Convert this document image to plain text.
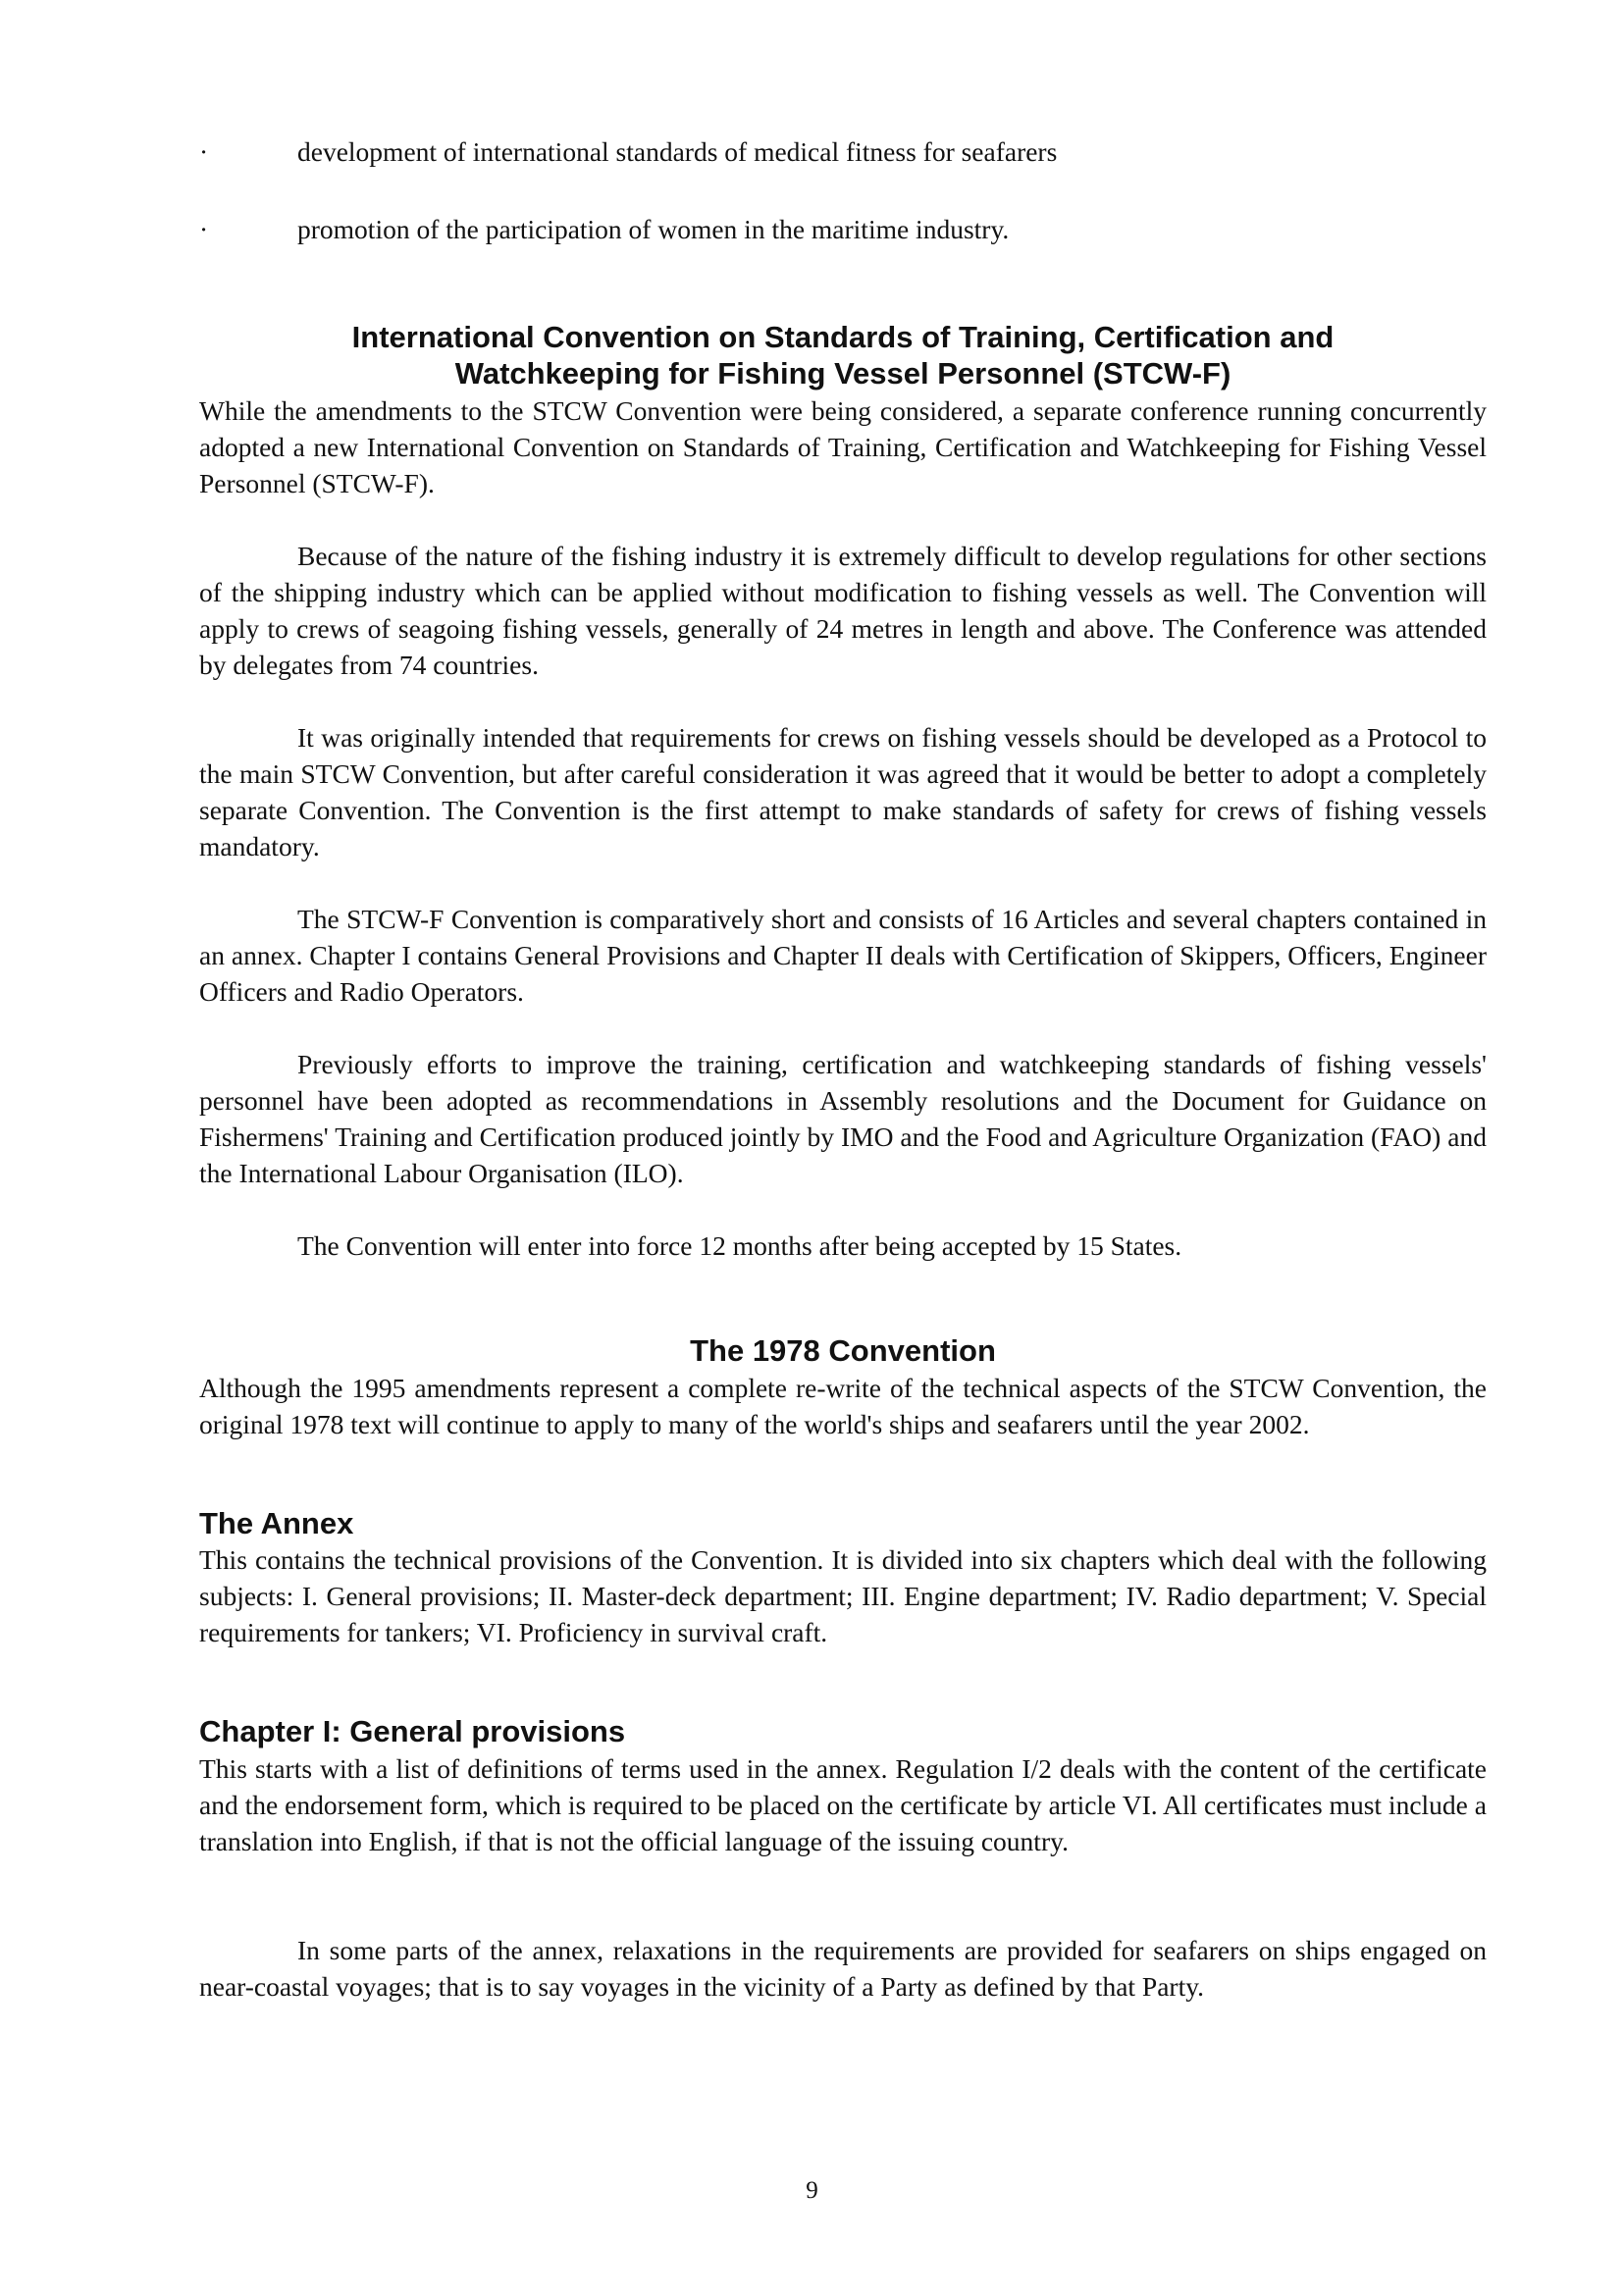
·	development of international standards of medical fitness for seafarers
·	promotion of the participation of women in the maritime industry.
International Convention on Standards of Training, Certification and
Watchkeeping for Fishing Vessel Personnel (STCW-F)

While the amendments to the STCW Convention were being considered, a separate conference running concurrently adopted a new International Convention on Standards of Training, Certification and Watchkeeping for Fishing Vessel Personnel (STCW-F).

Because of the nature of the fishing industry it is extremely difficult to develop regulations for other sections of the shipping industry which can be applied without modification to fishing vessels as well. The Convention will apply to crews of seagoing fishing vessels, generally of 24 metres in length and above. The Conference was attended by delegates from 74 countries.

It was originally intended that requirements for crews on fishing vessels should be developed as a Protocol to the main STCW Convention, but after careful consideration it was agreed that it would be better to adopt a completely separate Convention. The Convention is the first attempt to make standards of safety for crews of fishing vessels mandatory.

The STCW-F Convention is comparatively short and consists of 16 Articles and several chapters contained in an annex. Chapter I contains General Provisions and Chapter II deals with Certification of Skippers, Officers, Engineer Officers and Radio Operators.

Previously efforts to improve the training, certification and watchkeeping standards of fishing vessels' personnel have been adopted as recommendations in Assembly resolutions and the Document for Guidance on Fishermens' Training and Certification produced jointly by IMO and the Food and Agriculture Organization (FAO) and the International Labour Organisation (ILO).

The Convention will enter into force 12 months after being accepted by 15 States.

The 1978 Convention

Although the 1995 amendments represent a complete re-write of the technical aspects of the STCW Convention, the original 1978 text will continue to apply to many of the world's ships and seafarers until the year 2002.

The Annex

This contains the technical provisions of the Convention. It is divided into six chapters which deal with the following subjects: I. General provisions; II. Master-deck department; III. Engine department; IV. Radio department; V. Special requirements for tankers; VI. Proficiency in survival craft.

Chapter I: General provisions

This starts with a list of definitions of terms used in the annex. Regulation I/2 deals with the content of the certificate and the endorsement form, which is required to be placed on the certificate by article VI. All certificates must include a translation into English, if that is not the official language of the issuing country.

In some parts of the annex, relaxations in the requirements are provided for seafarers on ships engaged on near-coastal voyages; that is to say voyages in the vicinity of a Party as defined by that Party.

9
